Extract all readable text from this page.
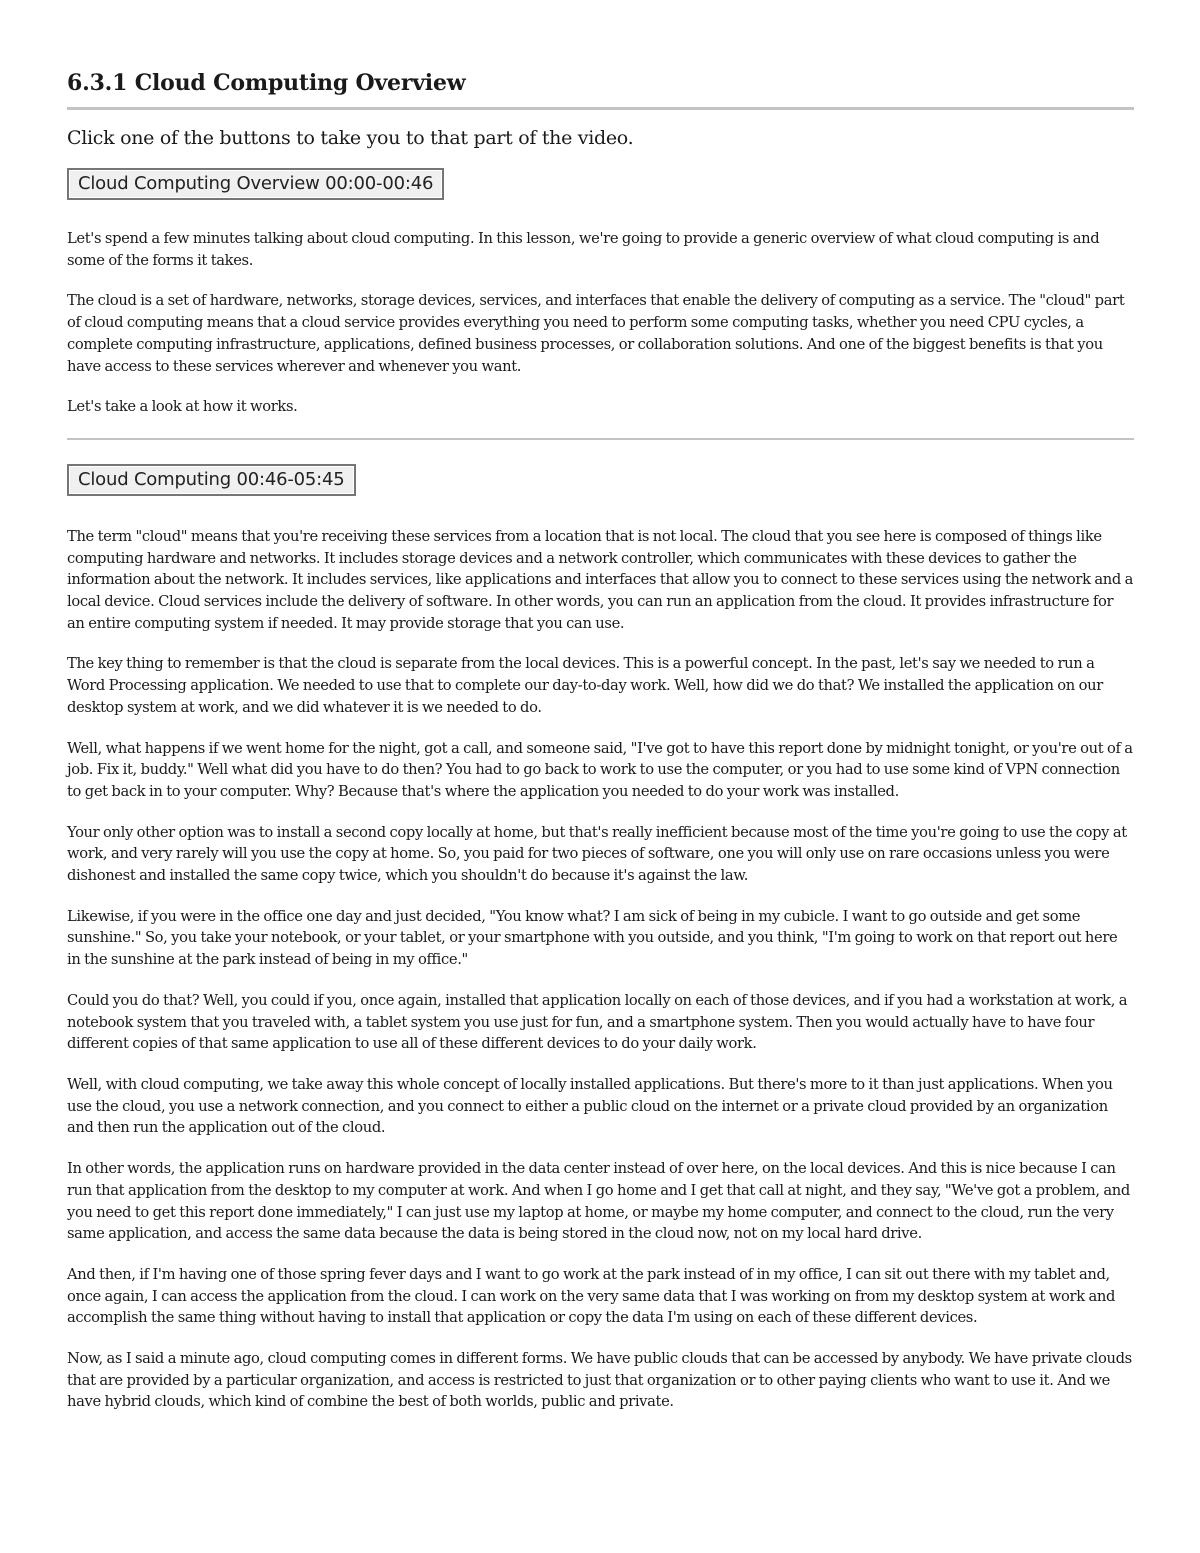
6.3.1 Cloud Computing Overview

Click one of the buttons to take you to that part of the video.

Cloud Computing Overview 00:00-00:46

Let's spend a few minutes talking about cloud computing. In this lesson, we're going to provide a generic overview of what cloud computing is and some of the forms it takes.

The cloud is a set of hardware, networks, storage devices, services, and interfaces that enable the delivery of computing as a service. The "cloud" part of cloud computing means that a cloud service provides everything you need to perform some computing tasks, whether you need CPU cycles, a complete computing infrastructure, applications, defined business processes, or collaboration solutions. And one of the biggest benefits is that you have access to these services wherever and whenever you want.

Let's take a look at how it works.

Cloud Computing 00:46-05:45

The term "cloud" means that you're receiving these services from a location that is not local. The cloud that you see here is composed of things like computing hardware and networks. It includes storage devices and a network controller, which communicates with these devices to gather the information about the network. It includes services, like applications and interfaces that allow you to connect to these services using the network and a local device. Cloud services include the delivery of software. In other words, you can run an application from the cloud. It provides infrastructure for an entire computing system if needed. It may provide storage that you can use.

The key thing to remember is that the cloud is separate from the local devices. This is a powerful concept. In the past, let's say we needed to run a Word Processing application. We needed to use that to complete our day-to-day work. Well, how did we do that? We installed the application on our desktop system at work, and we did whatever it is we needed to do.

Well, what happens if we went home for the night, got a call, and someone said, "I've got to have this report done by midnight tonight, or you're out of a job. Fix it, buddy." Well what did you have to do then? You had to go back to work to use the computer, or you had to use some kind of VPN connection to get back in to your computer. Why? Because that's where the application you needed to do your work was installed.

Your only other option was to install a second copy locally at home, but that's really inefficient because most of the time you're going to use the copy at work, and very rarely will you use the copy at home. So, you paid for two pieces of software, one you will only use on rare occasions unless you were dishonest and installed the same copy twice, which you shouldn't do because it's against the law.

Likewise, if you were in the office one day and just decided, "You know what? I am sick of being in my cubicle. I want to go outside and get some sunshine." So, you take your notebook, or your tablet, or your smartphone with you outside, and you think, "I'm going to work on that report out here in the sunshine at the park instead of being in my office."

Could you do that? Well, you could if you, once again, installed that application locally on each of those devices, and if you had a workstation at work, a notebook system that you traveled with, a tablet system you use just for fun, and a smartphone system. Then you would actually have to have four different copies of that same application to use all of these different devices to do your daily work.

Well, with cloud computing, we take away this whole concept of locally installed applications. But there's more to it than just applications. When you use the cloud, you use a network connection, and you connect to either a public cloud on the internet or a private cloud provided by an organization and then run the application out of the cloud.

In other words, the application runs on hardware provided in the data center instead of over here, on the local devices. And this is nice because I can run that application from the desktop to my computer at work. And when I go home and I get that call at night, and they say, "We've got a problem, and you need to get this report done immediately," I can just use my laptop at home, or maybe my home computer, and connect to the cloud, run the very same application, and access the same data because the data is being stored in the cloud now, not on my local hard drive.

And then, if I'm having one of those spring fever days and I want to go work at the park instead of in my office, I can sit out there with my tablet and, once again, I can access the application from the cloud. I can work on the very same data that I was working on from my desktop system at work and accomplish the same thing without having to install that application or copy the data I'm using on each of these different devices.

Now, as I said a minute ago, cloud computing comes in different forms. We have public clouds that can be accessed by anybody. We have private clouds that are provided by a particular organization, and access is restricted to just that organization or to other paying clients who want to use it. And we have hybrid clouds, which kind of combine the best of both worlds, public and private.
